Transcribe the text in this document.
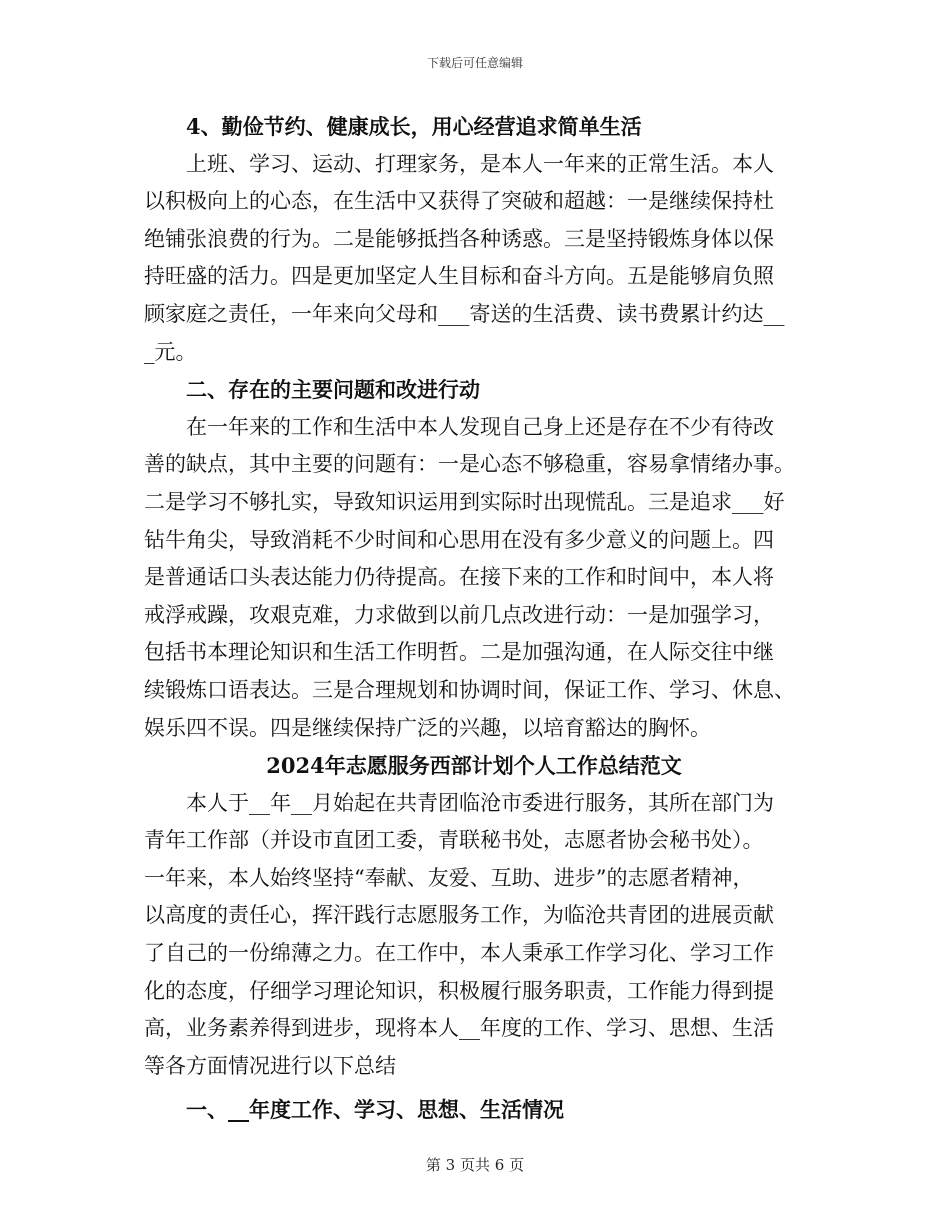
下载后可任意编辑
4、勤俭节约、健康成长，用心经营追求简单生活
上班、学习、运动、打理家务，是本人一年来的正常生活。本人
以积极向上的心态，在生活中又获得了突破和超越：一是继续保持杜
绝铺张浪费的行为。二是能够抵挡各种诱惑。三是坚持锻炼身体以保
持旺盛的活力。四是更加坚定人生目标和奋斗方向。五是能够肩负照
顾家庭之责任，一年来向父母和___寄送的生活费、读书费累计约达__
_元。
二、存在的主要问题和改进行动
在一年来的工作和生活中本人发现自己身上还是存在不少有待改
善的缺点，其中主要的问题有：一是心态不够稳重，容易拿情绪办事。
二是学习不够扎实，导致知识运用到实际时出现慌乱。三是追求___好
钻牛角尖，导致消耗不少时间和心思用在没有多少意义的问题上。四
是普通话口头表达能力仍待提高。在接下来的工作和时间中，本人将
戒浮戒躁，攻艰克难，力求做到以前几点改进行动：一是加强学习，
包括书本理论知识和生活工作明哲。二是加强沟通，在人际交往中继
续锻炼口语表达。三是合理规划和协调时间，保证工作、学习、休息、
娱乐四不误。四是继续保持广泛的兴趣，以培育豁达的胸怀。
2024年志愿服务西部计划个人工作总结范文
本人于__年__月始起在共青团临沧市委进行服务，其所在部门为
青年工作部（并设市直团工委，青联秘书处，志愿者协会秘书处）。
一年来，本人始终坚持“奉献、友爱、互助、进步”的志愿者精神，
以高度的责任心，挥汗践行志愿服务工作，为临沧共青团的进展贡献
了自己的一份绵薄之力。在工作中，本人秉承工作学习化、学习工作
化的态度，仔细学习理论知识，积极履行服务职责，工作能力得到提
高，业务素养得到进步，现将本人__年度的工作、学习、思想、生活
等各方面情况进行以下总结
一、__年度工作、学习、思想、生活情况
第 3 页共 6 页
